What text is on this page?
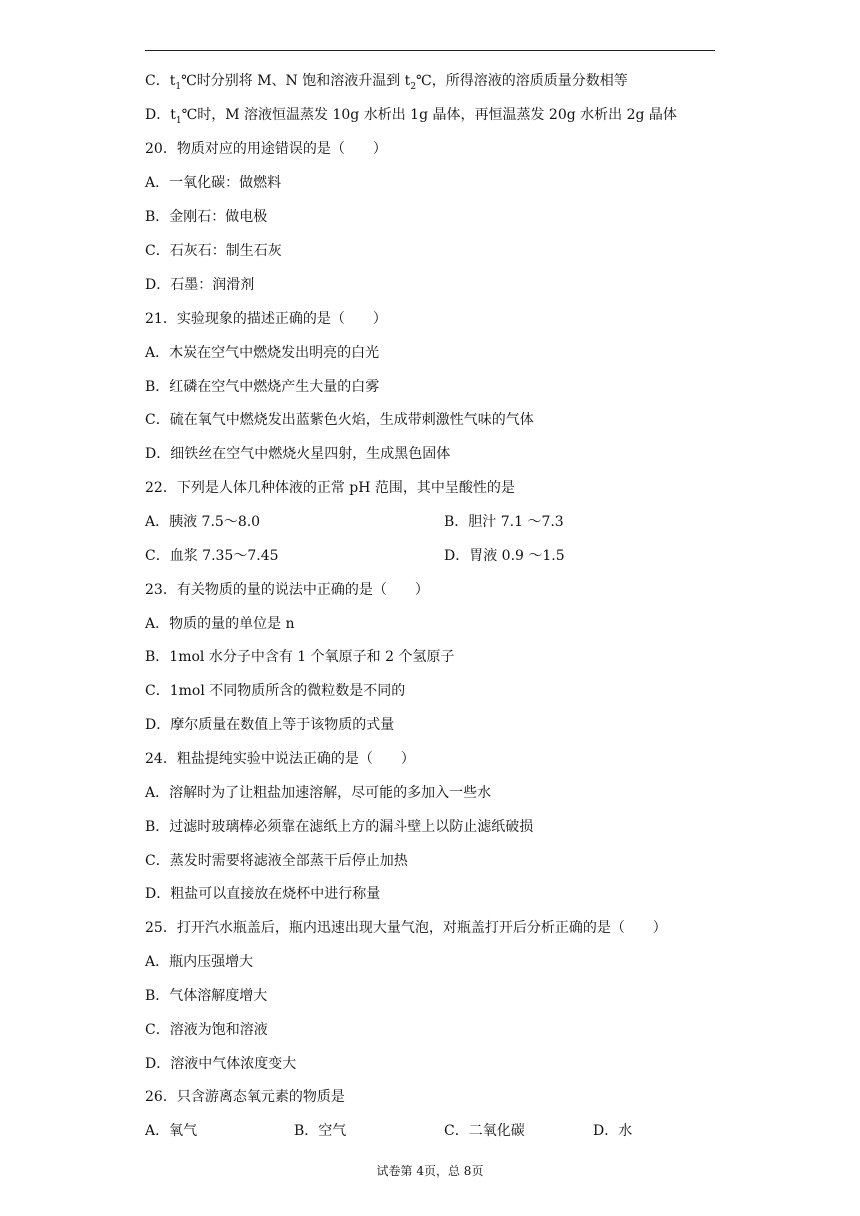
C．$t_1℃$时分别将 M、N 饱和溶液升温到 $t_2℃$，所得溶液的溶质质量分数相等
D．$t_1℃$时，M 溶液恒温蒸发 10g 水析出 1g 晶体，再恒温蒸发 20g 水析出 2g 晶体
20．物质对应的用途错误的是（　　）
A．一氧化碳：做燃料
B．金刚石：做电极
C．石灰石：制生石灰
D．石墨：润滑剂
21．实验现象的描述正确的是（　　）
A．木炭在空气中燃烧发出明亮的白光
B．红磷在空气中燃烧产生大量的白雾
C．硫在氧气中燃烧发出蓝紫色火焰，生成带刺激性气味的气体
D．细铁丝在空气中燃烧火星四射，生成黑色固体
22．下列是人体几种体液的正常 pH 范围，其中呈酸性的是
A．胰液 7.5～8.0	B．胆汁 7.1 ～7.3
C．血浆 7.35～7.45	D．胃液 0.9 ～1.5
23．有关物质的量的说法中正确的是（　　）
A．物质的量的单位是 n
B．1mol 水分子中含有 1 个氧原子和 2 个氢原子
C．1mol 不同物质所含的微粒数是不同的
D．摩尔质量在数值上等于该物质的式量
24．粗盐提纯实验中说法正确的是（　　）
A．溶解时为了让粗盐加速溶解，尽可能的多加入一些水
B．过滤时玻璃棒必须靠在滤纸上方的漏斗壁上以防止滤纸破损
C．蒸发时需要将滤液全部蒸干后停止加热
D．粗盐可以直接放在烧杯中进行称量
25．打开汽水瓶盖后，瓶内迅速出现大量气泡，对瓶盖打开后分析正确的是（　　）
A．瓶内压强增大
B．气体溶解度增大
C．溶液为饱和溶液
D．溶液中气体浓度变大
26．只含游离态氧元素的物质是
A．氧气	B．空气	C．二氧化碳	D．水
试卷第 4页，总 8页
